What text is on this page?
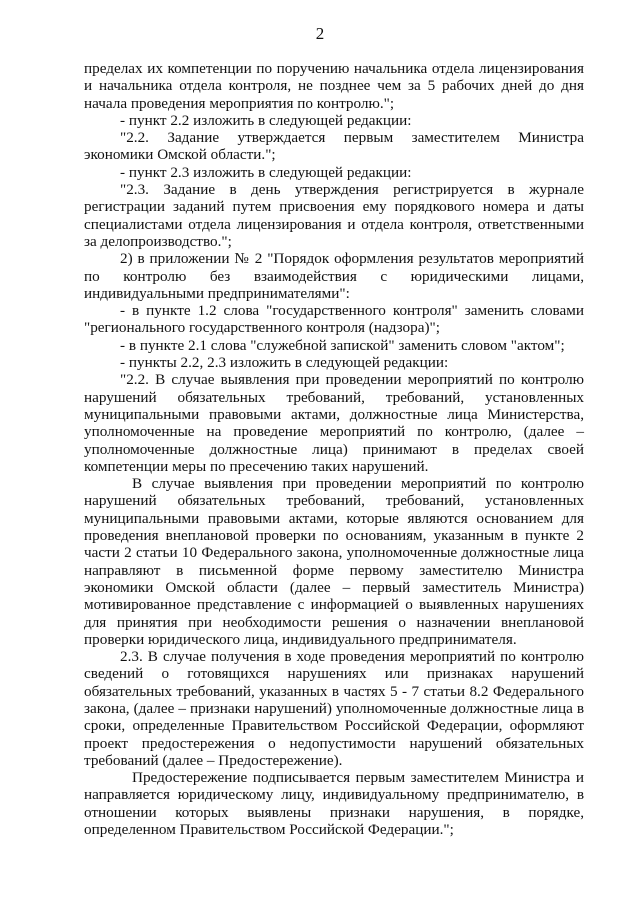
2

пределах их компетенции по поручению начальника отдела лицензирования и начальника отдела контроля, не позднее чем за 5 рабочих дней до дня начала проведения мероприятия по контролю.";

- пункт 2.2 изложить в следующей редакции:

"2.2. Задание утверждается первым заместителем Министра экономики Омской области.";

- пункт 2.3 изложить в следующей редакции:

"2.3. Задание в день утверждения регистрируется в журнале регистрации заданий путем присвоения ему порядкового номера и даты специалистами отдела лицензирования и отдела контроля, ответственными за делопроизводство.";

2) в приложении № 2 "Порядок оформления результатов мероприятий по контролю без взаимодействия с юридическими лицами, индивидуальными предпринимателями":

- в пункте 1.2 слова "государственного контроля" заменить словами "регионального государственного контроля (надзора)";

- в пункте 2.1 слова "служебной запиской" заменить словом "актом";

- пункты 2.2, 2.3 изложить в следующей редакции:

"2.2. В случае выявления при проведении мероприятий по контролю нарушений обязательных требований, требований, установленных муниципальными правовыми актами, должностные лица Министерства, уполномоченные на проведение мероприятий по контролю, (далее – уполномоченные должностные лица) принимают в пределах своей компетенции меры по пресечению таких нарушений.

В случае выявления при проведении мероприятий по контролю нарушений обязательных требований, требований, установленных муниципальными правовыми актами, которые являются основанием для проведения внеплановой проверки по основаниям, указанным в пункте 2 части 2 статьи 10 Федерального закона, уполномоченные должностные лица направляют в письменной форме первому заместителю Министра экономики Омской области (далее – первый заместитель Министра) мотивированное представление с информацией о выявленных нарушениях для принятия при необходимости решения о назначении внеплановой проверки юридического лица, индивидуального предпринимателя.

2.3. В случае получения в ходе проведения мероприятий по контролю сведений о готовящихся нарушениях или признаках нарушений обязательных требований, указанных в частях 5 - 7 статьи 8.2 Федерального закона, (далее – признаки нарушений) уполномоченные должностные лица в сроки, определенные Правительством Российской Федерации, оформляют проект предостережения о недопустимости нарушений обязательных требований (далее – Предостережение).

Предостережение подписывается первым заместителем Министра и направляется юридическому лицу, индивидуальному предпринимателю, в отношении которых выявлены признаки нарушения, в порядке, определенном Правительством Российской Федерации.";
